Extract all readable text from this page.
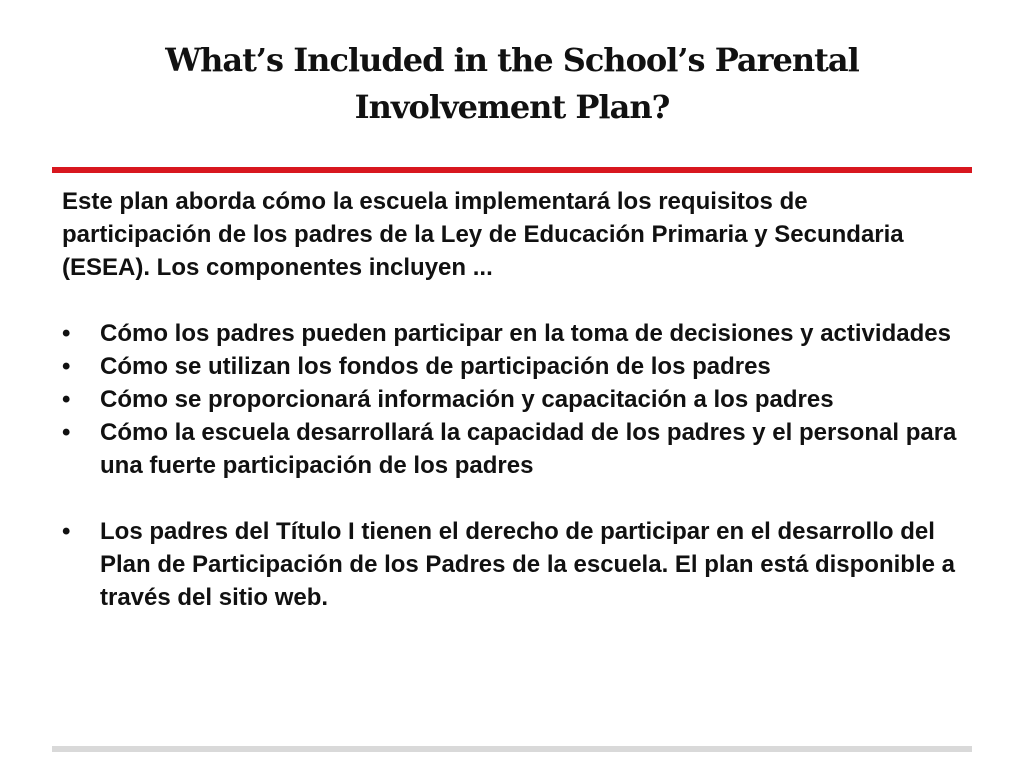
What’s Included in the School’s Parental
Involvement Plan?

Este plan aborda cómo la escuela implementará los requisitos de participación de los padres de la Ley de Educación Primaria y Secundaria (ESEA). Los componentes incluyen ...

• Cómo los padres pueden participar en la toma de decisiones y actividades
• Cómo se utilizan los fondos de participación de los padres
• Cómo se proporcionará información y capacitación a los padres
• Cómo la escuela desarrollará la capacidad de los padres y el personal para una fuerte participación de los padres
• Los padres del Título I tienen el derecho de participar en el desarrollo del Plan de Participación de los Padres de la escuela. El plan está disponible a través del sitio web.
